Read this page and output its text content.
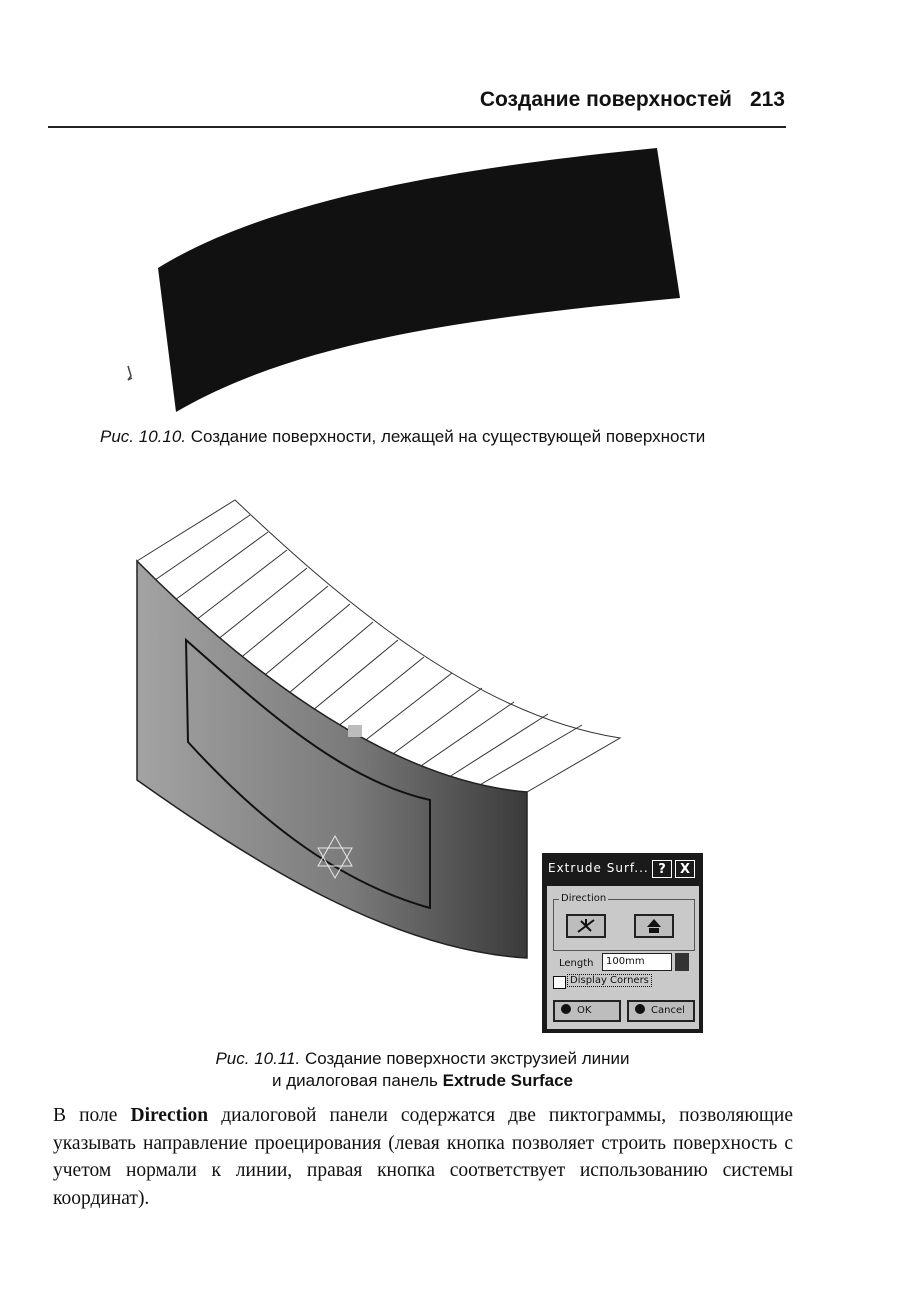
Создание поверхностей 213
Рис. 10.10. Создание поверхности, лежащей на существующей поверхности
Extrude Surf... ?	X
Direction
Length	100mm
Display Corners
OK	Cancel
Рис. 10.11. Создание поверхности экструзией линии
и диалоговая панель Extrude Surface
В поле Direction диалоговой панели содержатся две пиктограммы, позволяющие указывать направление проецирования (левая кнопка позволяет строить поверхность с учетом нормали к линии, правая кнопка соответствует использованию системы координат).
